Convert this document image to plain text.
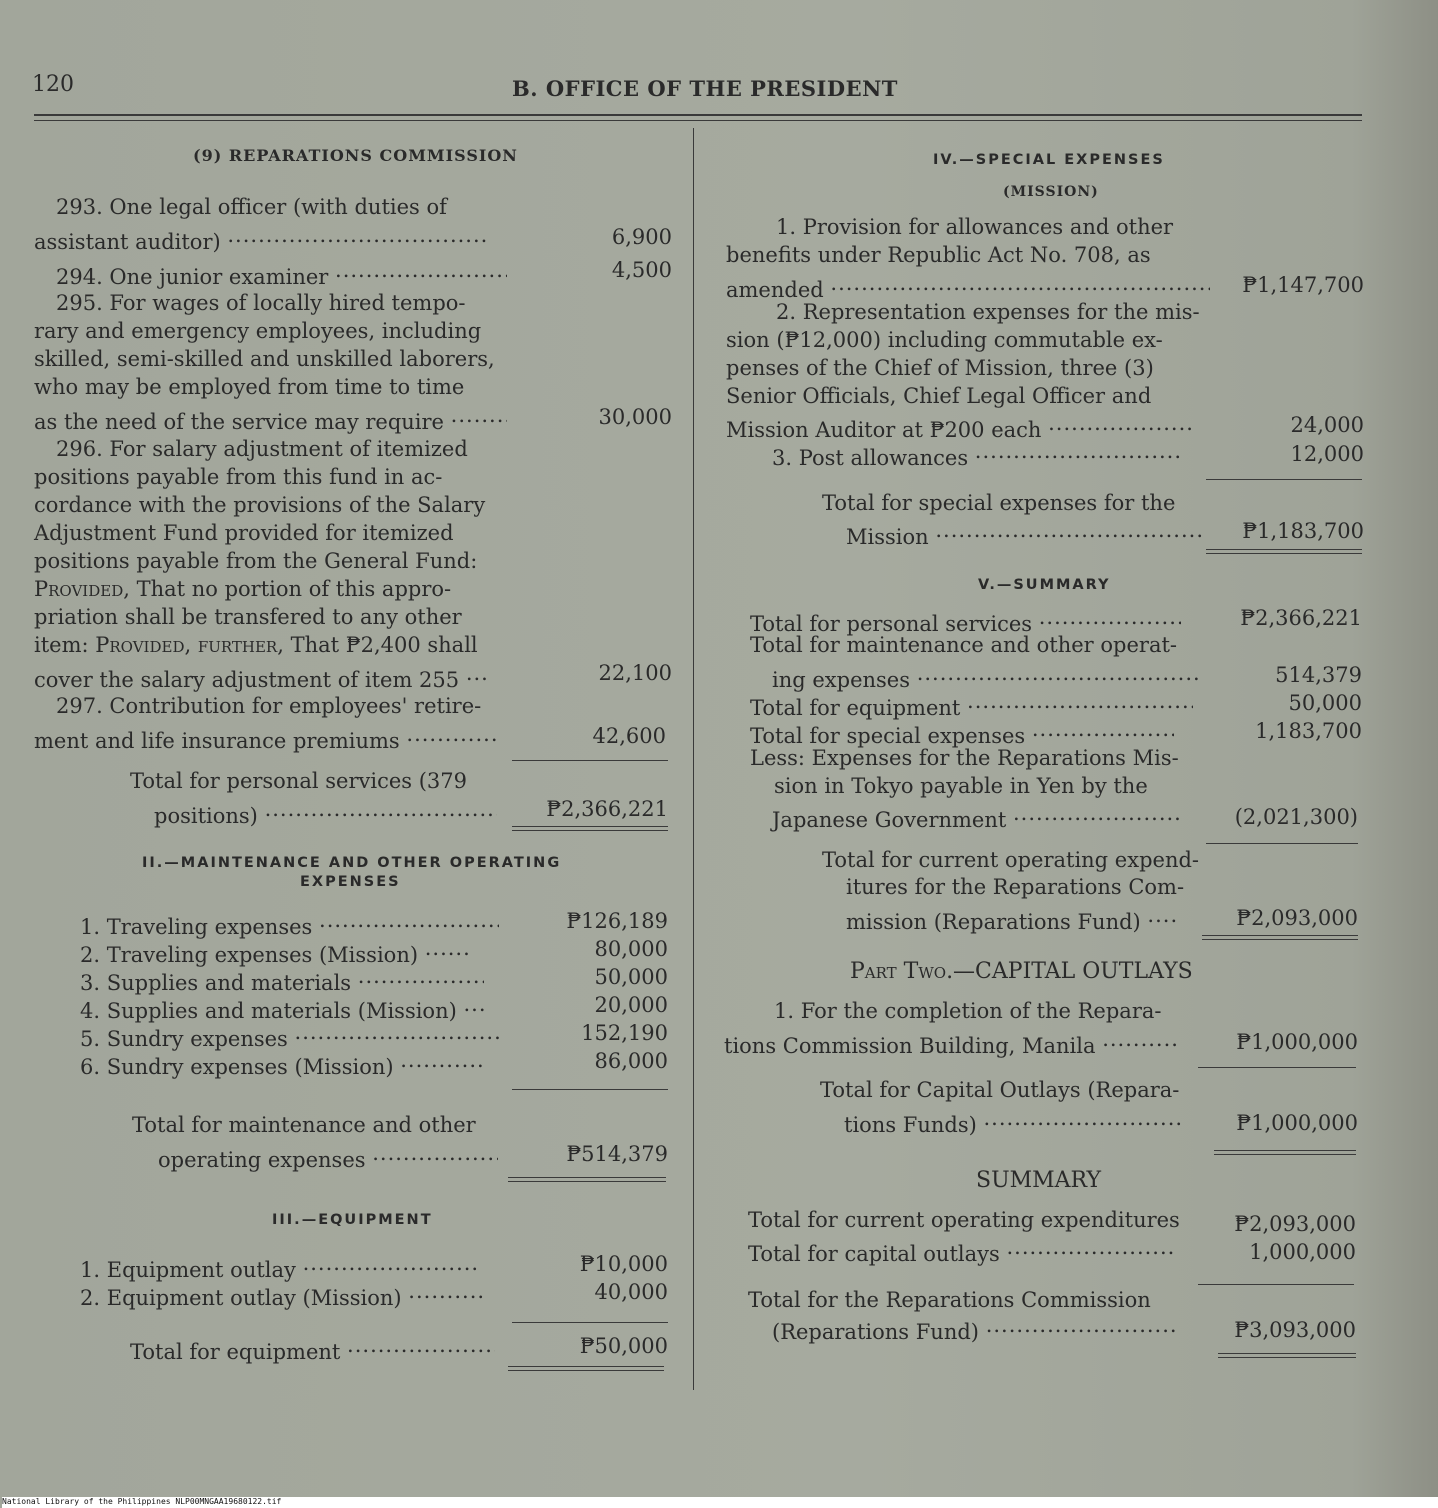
120	B. OFFICE OF THE PRESIDENT
(9) REPARATIONS COMMISSION
293. One legal officer (with duties of
assistant auditor) .....	6,900
294. One junior examiner .....	4,500
295. For wages of locally hired tempo-
rary and emergency employees, including
skilled, semi-skilled and unskilled laborers,
who may be employed from time to time
as the need of the service may require .....	30,000
296. For salary adjustment of itemized
positions payable from this fund in ac-
cordance with the provisions of the Salary
Adjustment Fund provided for itemized
positions payable from the General Fund:
Provided, That no portion of this appro-
priation shall be transfered to any other
item: Provided, further, That ₱2,400 shall
cover the salary adjustment of item 255 .....	22,100
297. Contribution for employees' retire-
ment and life insurance premiums .....	42,600
Total for personal services (379
positions) .....	₱2,366,221
II.—MAINTENANCE AND OTHER OPERATING
EXPENSES
1. Traveling expenses .....	₱126,189
2. Traveling expenses (Mission) .....	80,000
3. Supplies and materials .....	50,000
4. Supplies and materials (Mission) .....	20,000
5. Sundry expenses .....	152,190
6. Sundry expenses (Mission) .....	86,000
Total for maintenance and other
operating expenses .....	₱514,379
III.—EQUIPMENT
1. Equipment outlay .....	₱10,000
2. Equipment outlay (Mission) .....	40,000
Total for equipment .....	₱50,000
IV.—SPECIAL EXPENSES
(MISSION)
1. Provision for allowances and other
benefits under Republic Act No. 708, as
amended .....	₱1,147,700
2. Representation expenses for the mis-
sion (₱12,000) including commutable ex-
penses of the Chief of Mission, three (3)
Senior Officials, Chief Legal Officer and
Mission Auditor at ₱200 each .....	24,000
3. Post allowances .....	12,000
Total for special expenses for the
Mission .....	₱1,183,700
V.—SUMMARY
Total for personal services .....	₱2,366,221
Total for maintenance and other operat-
ing expenses .....	514,379
Total for equipment .....	50,000
Total for special expenses .....	1,183,700
Less: Expenses for the Reparations Mis-
sion in Tokyo payable in Yen by the
Japanese Government .....	(2,021,300)
Total for current operating expend-
itures for the Reparations Com-
mission (Reparations Fund) .....	₱2,093,000
Part Two.—CAPITAL OUTLAYS
1. For the completion of the Repara-
tions Commission Building, Manila .....	₱1,000,000
Total for Capital Outlays (Repara-
tions Funds) .....	₱1,000,000
SUMMARY
Total for current operating expenditures	₱2,093,000
Total for capital outlays .....	1,000,000
Total for the Reparations Commission
(Reparations Fund) .....	₱3,093,000
National Library of the Philippines NLP00MNGAA19680122.tif
